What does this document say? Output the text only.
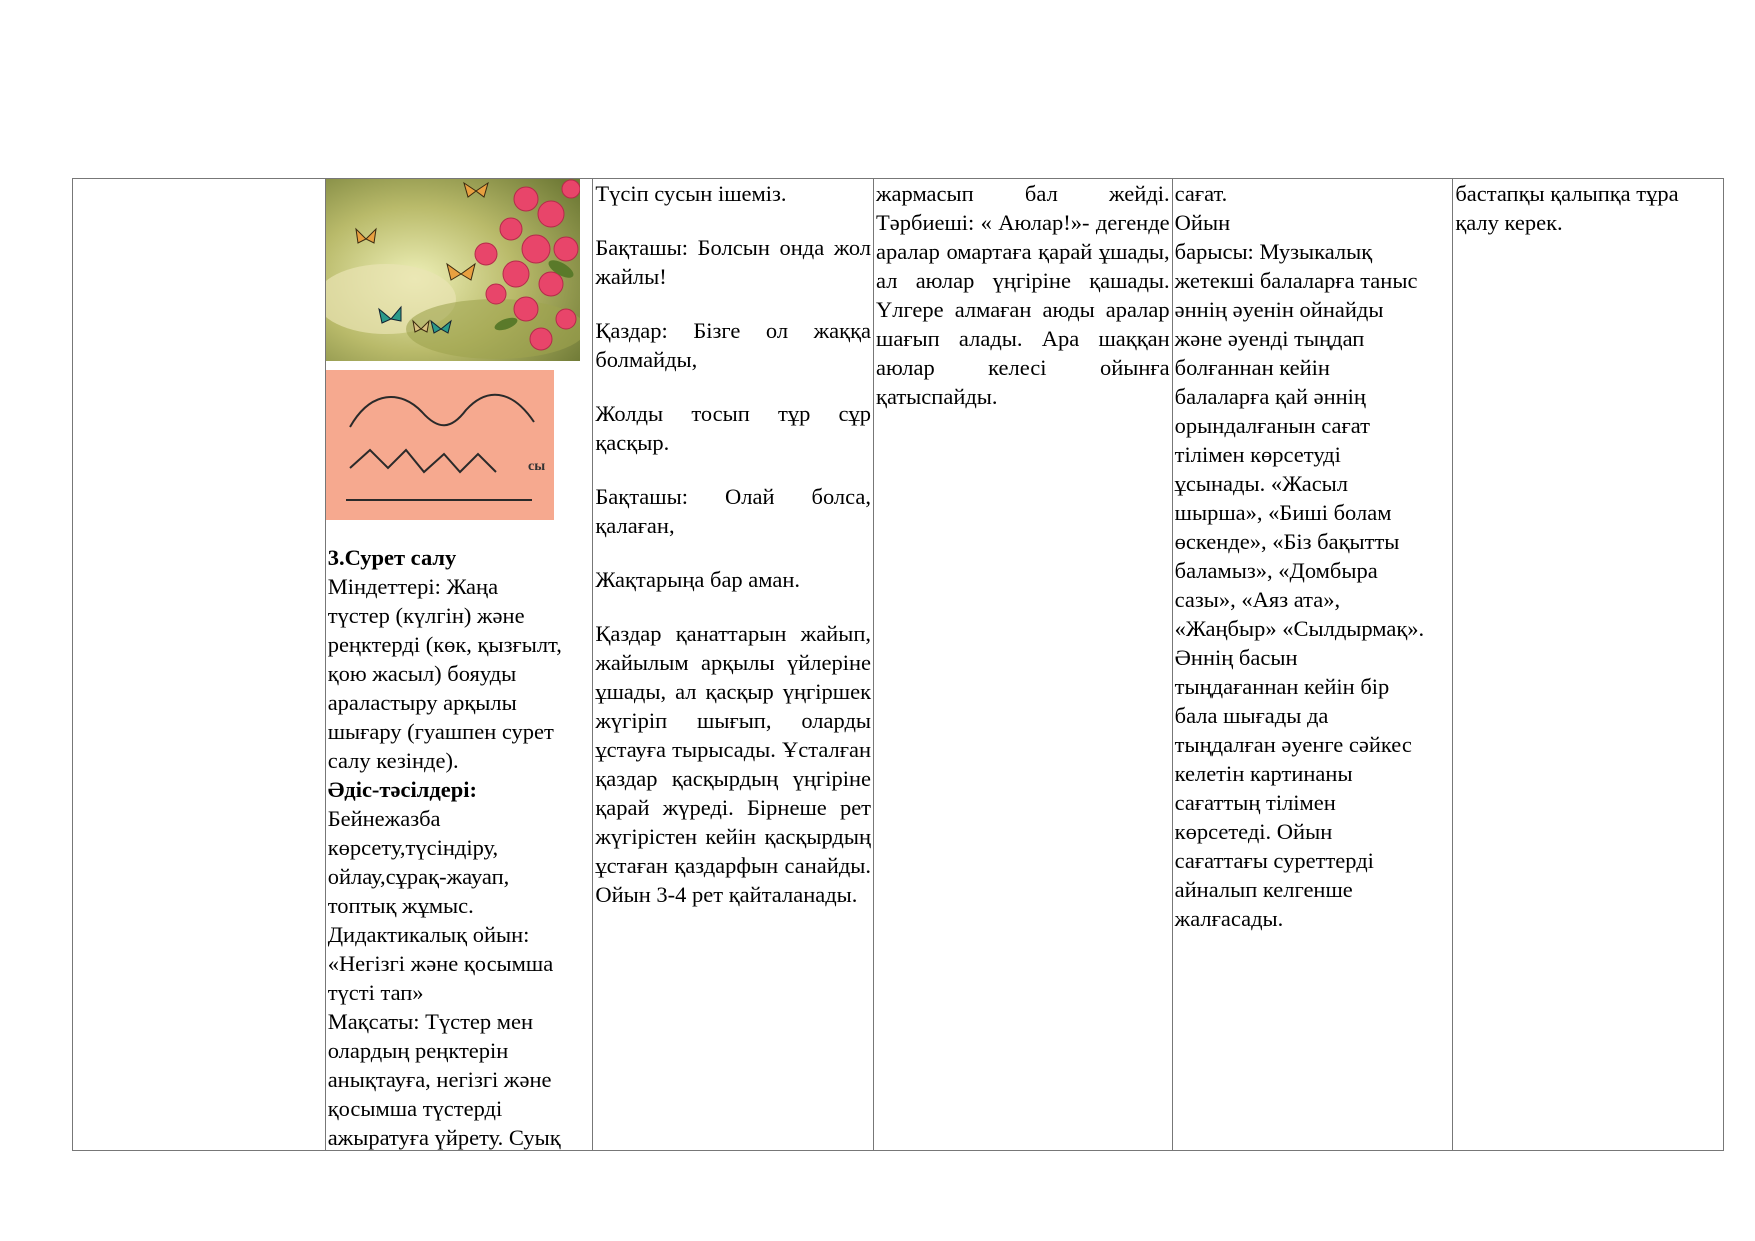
сы
3.Сурет салу
Міндеттері: Жаңа
түстер (күлгін) және
реңктерді (көк, қызғылт,
қою жасыл) бояуды
араластыру арқылы
шығару (гуашпен сурет
салу кезінде).
Әдіс-тәсілдері:
Бейнежазба
көрсету,түсіндіру,
ойлау,сұрақ-жауап,
топтық жұмыс.
Дидактикалық ойын:
«Негізгі және қосымша
түсті тап»
Мақсаты: Түстер мен
олардың реңктерін
анықтауға, негізгі және
қосымша түстерді
ажыратуға үйрету. Суық

Түсіп сусын ішеміз.

Бақташы: Болсын онда жол жайлы!

Қаздар: Бізге ол жаққа болмайды,

Жолды тосып тұр сұр қасқыр.

Бақташы: Олай болса, қалаған,

Жақтарыңа бар аман.

Қаздар қанаттарын жайып, жайылым арқылы үйлеріне ұшады, ал қасқыр үңгіршек жүгіріп шығып, оларды ұстауға тырысады. Ұсталған қаздар қасқырдың үңгіріне қарай жүреді. Бірнеше рет жүгірістен кейін қасқырдың ұстаған қаздарфын санайды. Ойын 3-4 рет қайталанады.

жармасып бал жейді. Тәрбиеші: « Аюлар!»- дегенде аралар омартаға қарай ұшады, ал аюлар үңгіріне қашады. Үлгере алмаған аюды аралар шағып алады. Ара шаққан аюлар келесі ойынға қатыспайды.
сағат.
Ойын
барысы: Музыкалық
жетекші балаларға таныс
әннің әуенін ойнайды
және әуенді тыңдап
болғаннан кейін
балаларға қай әннің
орындалғанын сағат
тілімен көрсетуді
ұсынады. «Жасыл
шырша», «Биші болам
өскенде», «Біз бақытты
баламыз», «Домбыра
сазы», «Аяз ата»,
«Жаңбыр» «Сылдырмақ».
Әннің басын
тыңдағаннан кейін бір
бала шығады да
тыңдалған әуенге сәйкес
келетін картинаны
сағаттың тілімен
көрсетеді. Ойын
сағаттағы суреттерді
айналып келгенше
жалғасады.
бастапқы қалыпқа тұра
қалу керек.
